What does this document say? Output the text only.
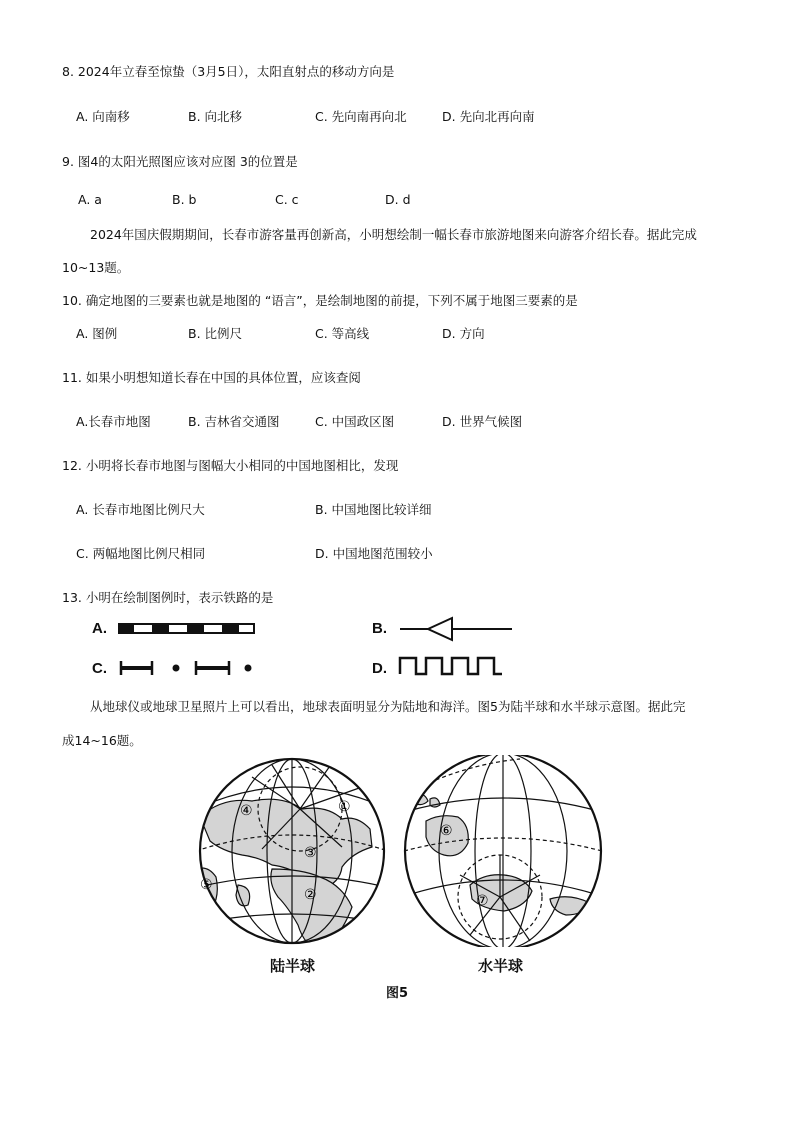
8. 2024年立春至惊蛰（3月5日），太阳直射点的移动方向是
A. 向南移	B. 向北移	C. 先向南再向北	D. 先向北再向南
9. 图4的太阳光照图应该对应图 3的位置是
A. a	B. b	C. c	D. d
2024年国庆假期期间，长春市游客量再创新高，小明想绘制一幅长春市旅游地图来向游客介绍长春。据此完成
10~13题。
10. 确定地图的三要素也就是地图的 “语言”，是绘制地图的前提，下列不属于地图三要素的是
A. 图例	B. 比例尺	C. 等高线	D. 方向
11. 如果小明想知道长春在中国的具体位置，应该查阅
A.长春市地图	B. 吉林省交通图	C. 中国政区图	D. 世界气候图
12. 小明将长春市地图与图幅大小相同的中国地图相比，发现
A. 长春市地图比例尺大	B. 中国地图比较详细
C. 两幅地图比例尺相同	D. 中国地图范围较小
13. 小明在绘制图例时，表示铁路的是
A.	B.
C.	D.
从地球仪或地球卫星照片上可以看出，地球表面明显分为陆地和海洋。图5为陆半球和水半球示意图。据此完
成14~16题。
④	①
③
②
⑤
⑥
⑦
陆半球	水半球
图5
